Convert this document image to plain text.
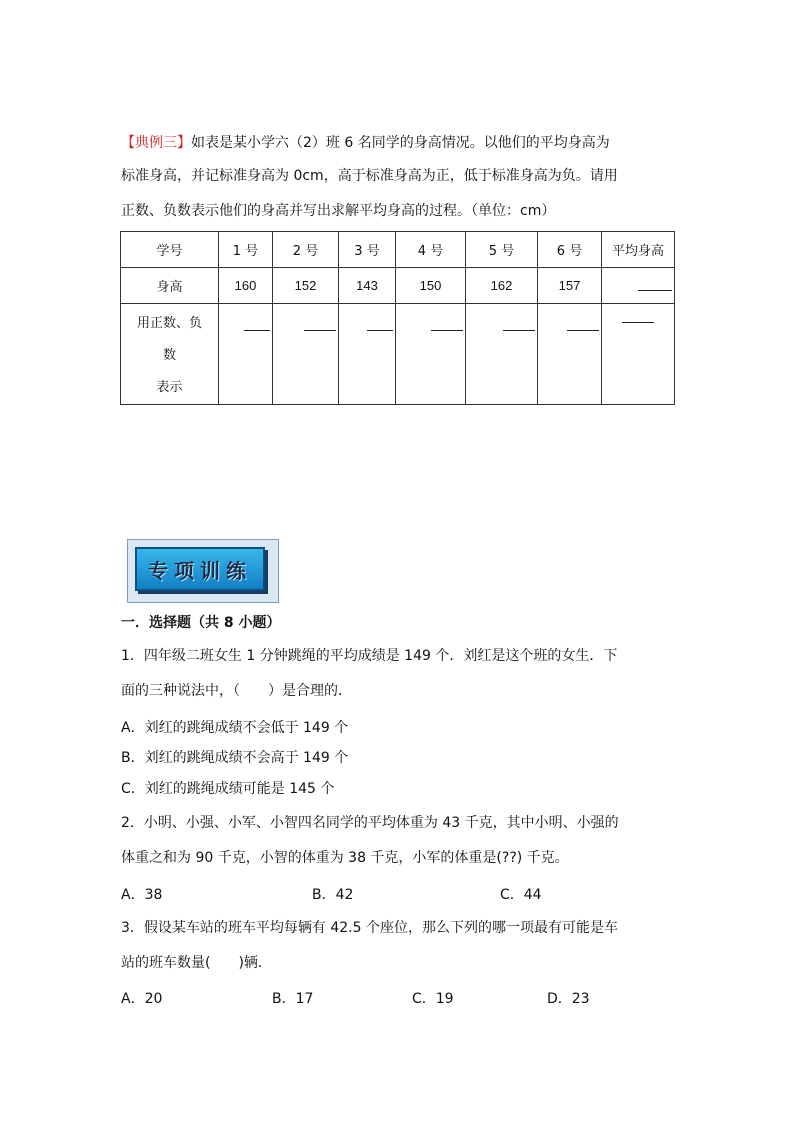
【典例三】如表是某小学六（2）班 6 名同学的身高情况。以他们的平均身高为
标准身高，并记标准身高为 0cm，高于标准身高为正，低于标准身高为负。请用
正数、负数表示他们的身高并写出求解平均身高的过程。（单位：cm）
学号	1 号	2 号	3 号	4 号	5 号	6 号	平均身高
身高	160	152	143	150	162	157	

用正数、负
数
表示							

专项训练
一．选择题（共 8 小题）
1．四年级二班女生 1 分钟跳绳的平均成绩是 149 个．刘红是这个班的女生．下
面的三种说法中，（　　）是合理的．
A．刘红的跳绳成绩不会低于 149 个
B．刘红的跳绳成绩不会高于 149 个
C．刘红的跳绳成绩可能是 145 个
2．小明、小强、小军、小智四名同学的平均体重为 43 千克，其中小明、小强的
体重之和为 90 千克，小智的体重为 38 千克，小军的体重是(??) 千克。
A．38	B．42	C．44
3．假设某车站的班车平均每辆有 42.5 个座位，那么下列的哪一项最有可能是车
站的班车数量(　　)辆．
A．20	B．17	C．19	D．23
